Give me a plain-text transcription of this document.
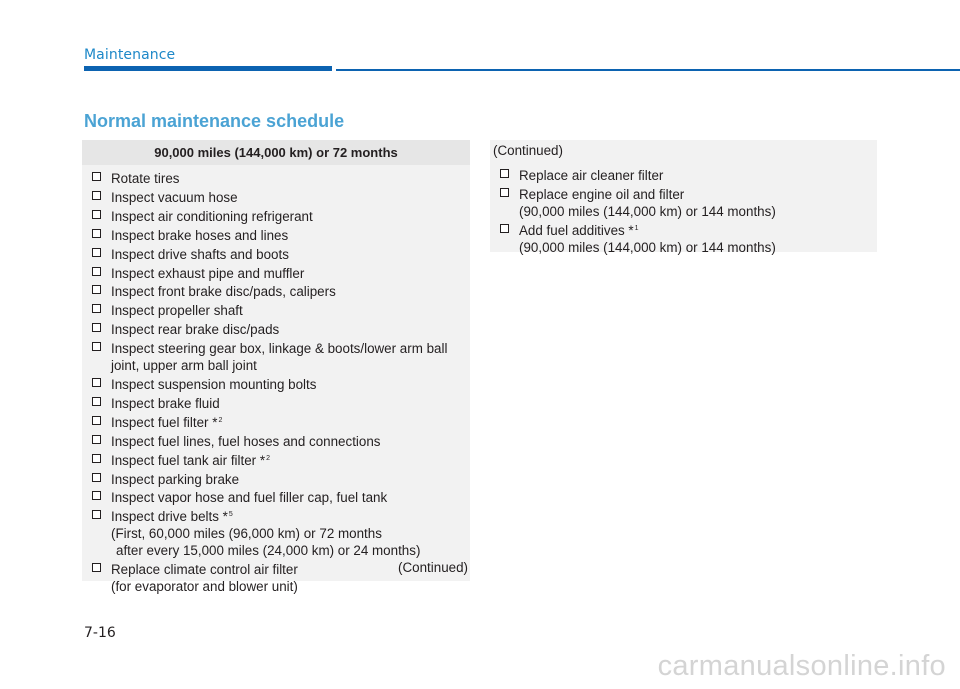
Maintenance
Normal maintenance schedule
90,000 miles (144,000 km) or 72 months
Rotate tires
Inspect vacuum hose
Inspect air conditioning refrigerant
Inspect brake hoses and lines
Inspect drive shafts and boots
Inspect exhaust pipe and muffler
Inspect front brake disc/pads, calipers
Inspect propeller shaft
Inspect rear brake disc/pads
Inspect steering gear box, linkage & boots/lower arm ball
joint, upper arm ball joint
Inspect suspension mounting bolts
Inspect brake fluid
Inspect fuel filter *$^2$
Inspect fuel lines, fuel hoses and connections
Inspect fuel tank air filter *$^2$
Inspect parking brake
Inspect vapor hose and fuel filler cap, fuel tank
Inspect drive belts *$^5$
(First, 60,000 miles (96,000 km) or 72 months
after every 15,000 miles (24,000 km) or 24 months)
Replace climate control air filter
(for evaporator and blower unit)
(Continued)
(Continued)
Replace air cleaner filter
Replace engine oil and filter
(90,000 miles (144,000 km) or 144 months)
Add fuel additives *$^1$
(90,000 miles (144,000 km) or 144 months)
7-16
carmanualsonline.info
